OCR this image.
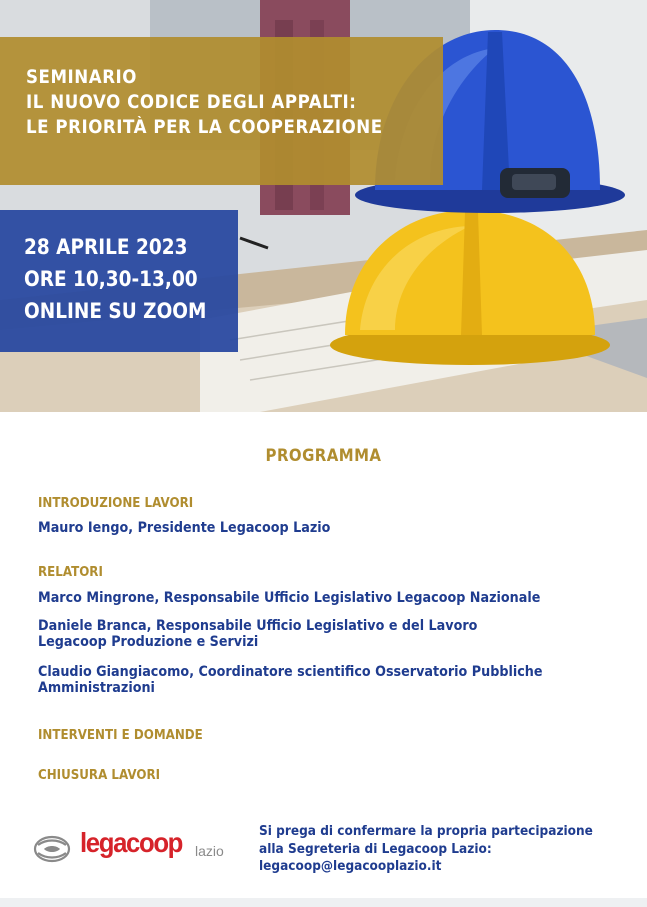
SEMINARIO
IL NUOVO CODICE DEGLI APPALTI:
LE PRIORITÀ PER LA COOPERAZIONE
28 APRILE 2023
ORE 10,30-13,00
ONLINE SU ZOOM
PROGRAMMA
INTRODUZIONE LAVORI
Mauro Iengo, Presidente Legacoop Lazio
RELATORI
Marco Mingrone, Responsabile Ufficio Legislativo Legacoop Nazionale
Daniele Branca, Responsabile Ufficio Legislativo e del Lavoro
Legacoop Produzione e Servizi
Claudio Giangiacomo, Coordinatore scientifico Osservatorio Pubbliche
Amministrazioni
INTERVENTI E DOMANDE
CHIUSURA LAVORI
legacoop lazio
Si prega di confermare la propria partecipazione
alla Segreteria di Legacoop Lazio:
legacoop@legacooplazio.it
